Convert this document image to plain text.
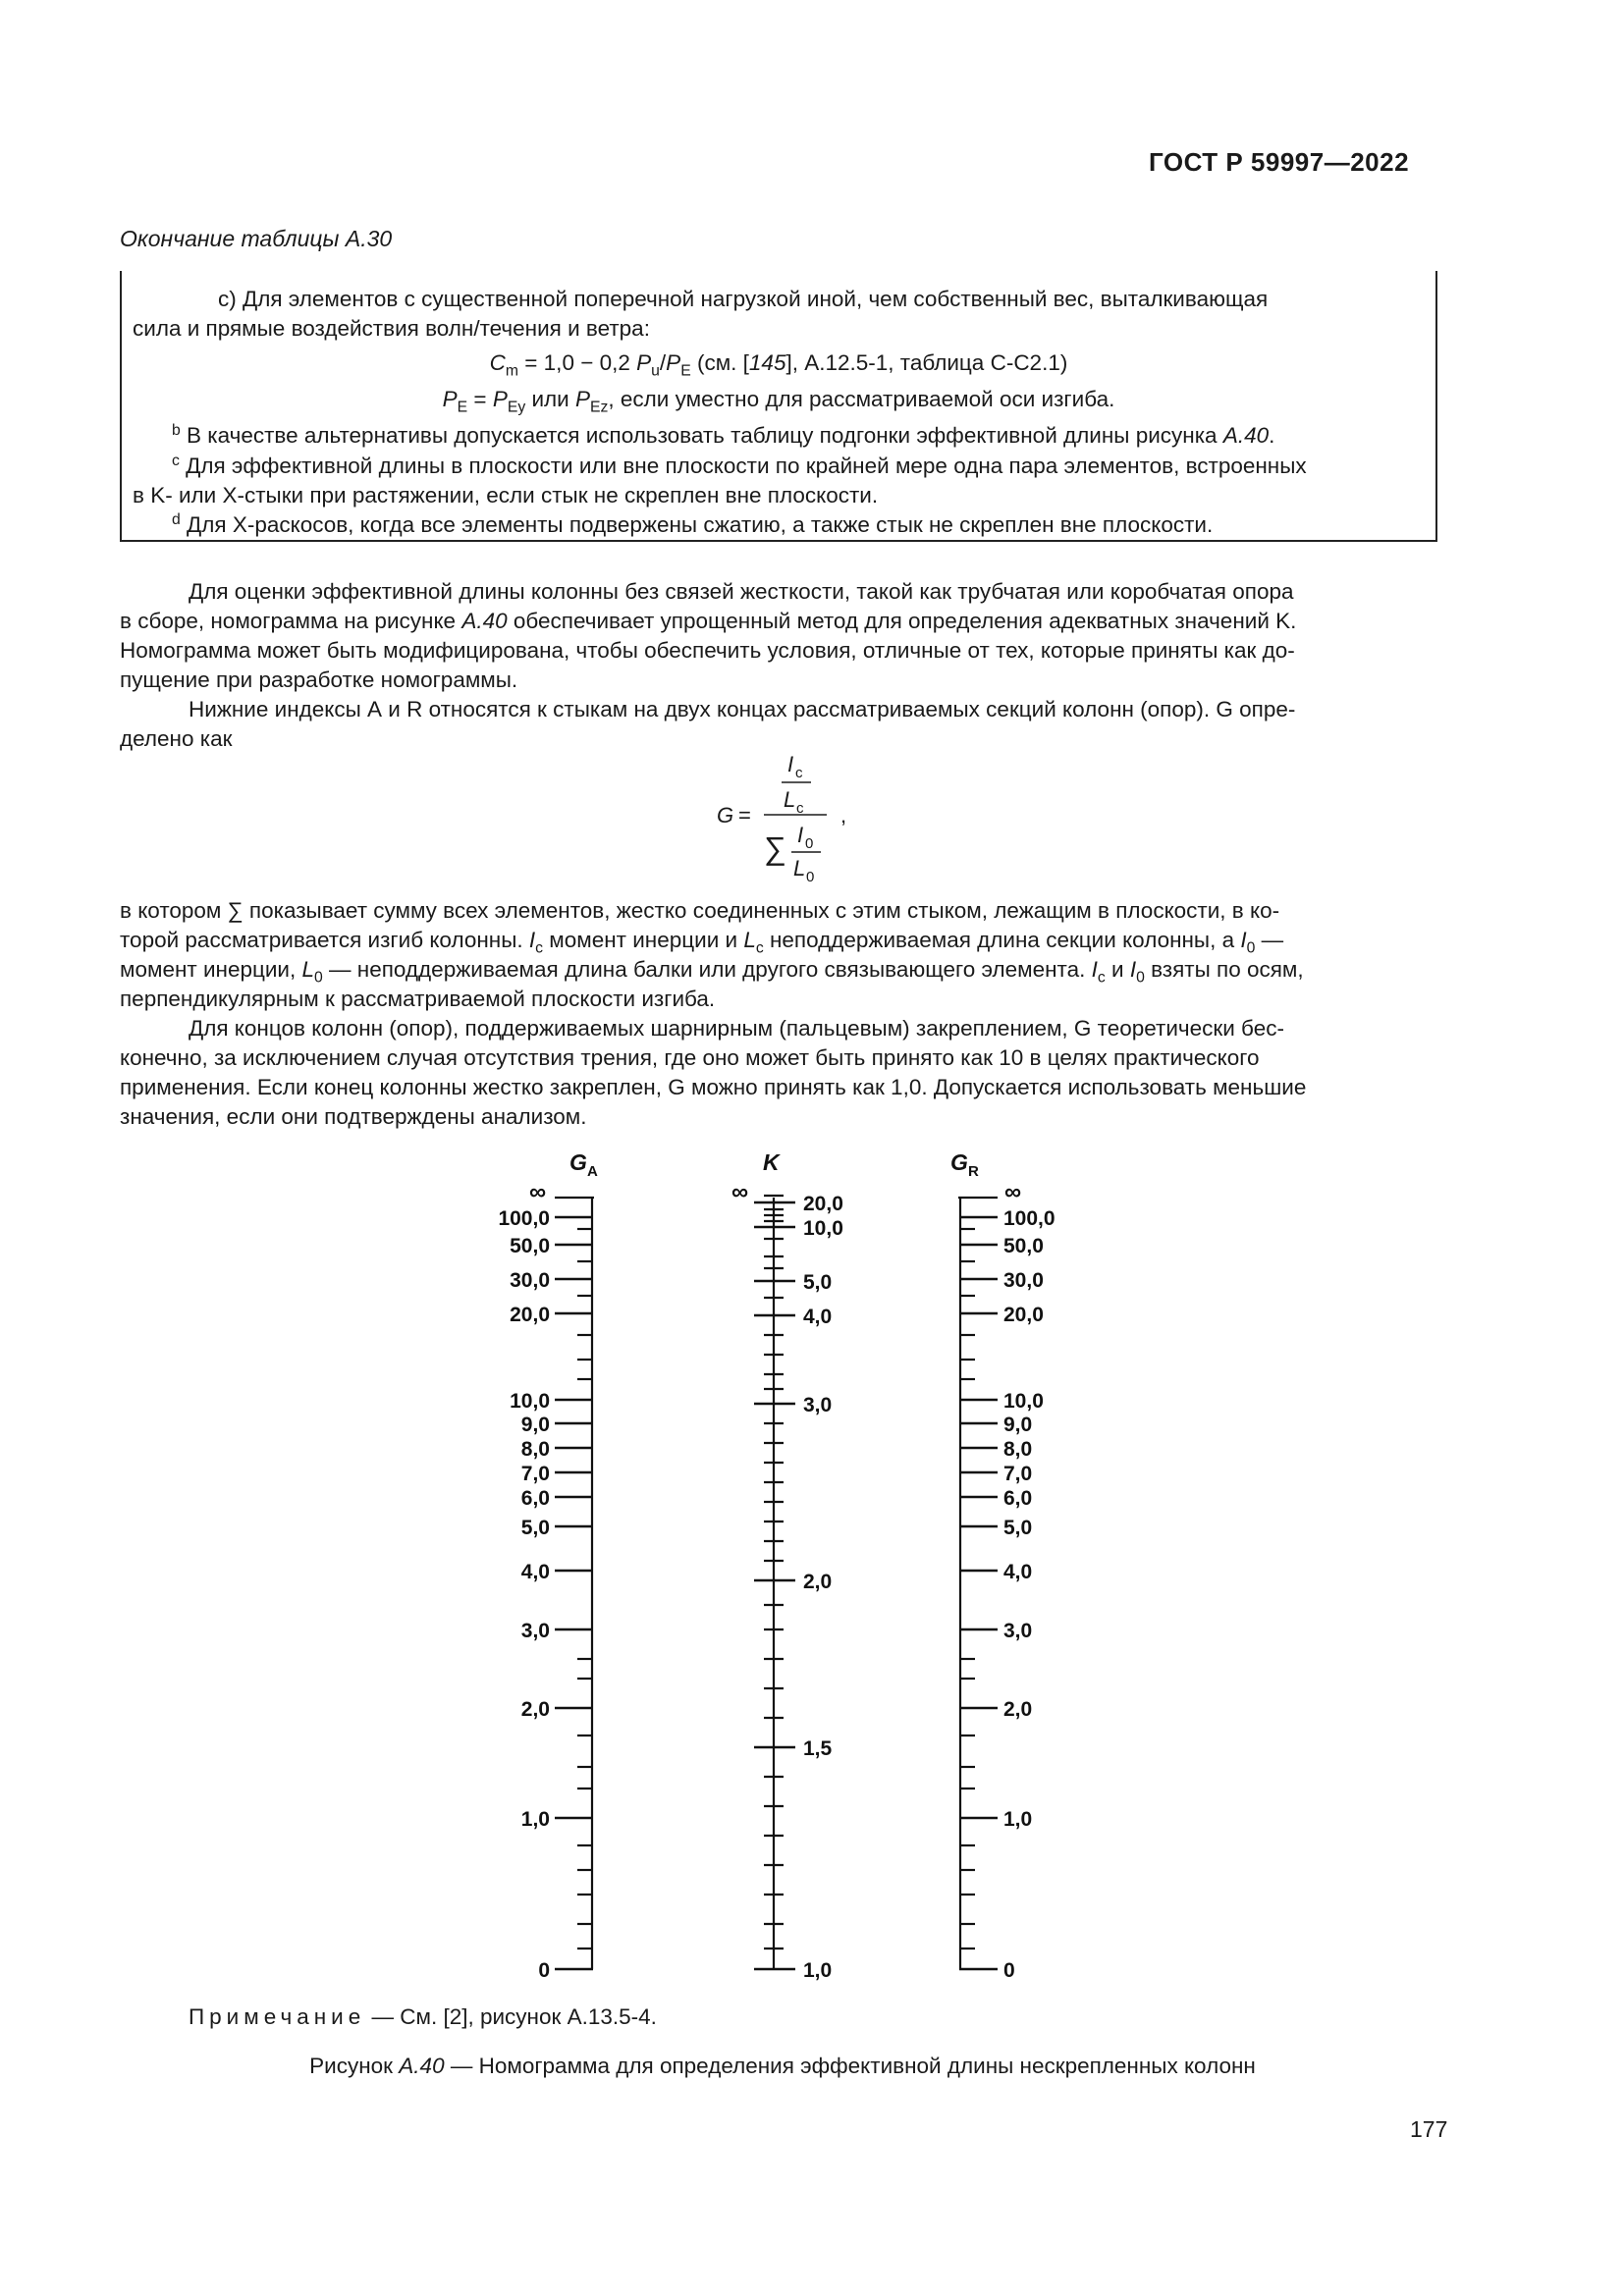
ГОСТ Р 59997—2022
Окончание таблицы А.30
c) Для элементов с существенной поперечной нагрузкой иной, чем собственный вес, выталкивающая
сила и прямые воздействия волн/течения и ветра:
$C_m = 1,0 - 0,2$ $P_u/P_E$ (см. [145], А.12.5-1, таблица С-С2.1)
$P_E = P_{Ey}$ или $P_{Ez}$, если уместно для рассматриваемой оси изгиба.
$^b$ В качестве альтернативы допускается использовать таблицу подгонки эффективной длины рисунка А.40.
$^c$ Для эффективной длины в плоскости или вне плоскости по крайней мере одна пара элементов, встроенных
в K- или X-стыки при растяжении, если стык не скреплен вне плоскости.
$^d$ Для X-раскосов, когда все элементы подвержены сжатию, а также стык не скреплен вне плоскости.
Для оценки эффективной длины колонны без связей жесткости, такой как трубчатая или коробчатая опора
в сборе, номограмма на рисунке А.40 обеспечивает упрощенный метод для определения адекватных значений K.
Номограмма может быть модифицирована, чтобы обеспечить условия, отличные от тех, которые приняты как до-
пущение при разработке номограммы.
Нижние индексы А и R относятся к стыкам на двух концах рассматриваемых секций колонн (опор). G опре-
делено как
G =
I c
L c
∑ I 0
L 0
,
в котором ∑ показывает сумму всех элементов, жестко соединенных с этим стыком, лежащим в плоскости, в ко-
торой рассматривается изгиб колонны. $I_c$ момент инерции и $L_c$ неподдерживаемая длина секции колонны, а $I_0$ —
момент инерции, $L_0$ — неподдерживаемая длина балки или другого связывающего элемента. $I_c$ и $I_0$ взяты по осям,
перпендикулярным к рассматриваемой плоскости изгиба.
Для концов колонн (опор), поддерживаемых шарнирным (пальцевым) закреплением, G теоретически бес-
конечно, за исключением случая отсутствия трения, где оно может быть принято как 10 в целях практического
применения. Если конец колонны жестко закреплен, G можно принять как 1,0. Допускается использовать меньшие
значения, если они подтверждены анализом.
G A	K	G R
∞	∞	∞
100,0
50,0
30,0
20,0
10,0
9,0
8,0
7,0
6,0
5,0
4,0
3,0
2,0
1,0
0
20,0
10,0
5,0
4,0
3,0
2,0
1,5
1,0
100,0
50,0
30,0
20,0
10,0
9,0
8,0
7,0
6,0
5,0
4,0
3,0
2,0
1,0
0
Примечание — См. [2], рисунок А.13.5-4.
Рисунок А.40 — Номограмма для определения эффективной длины нескрепленных колонн
177
